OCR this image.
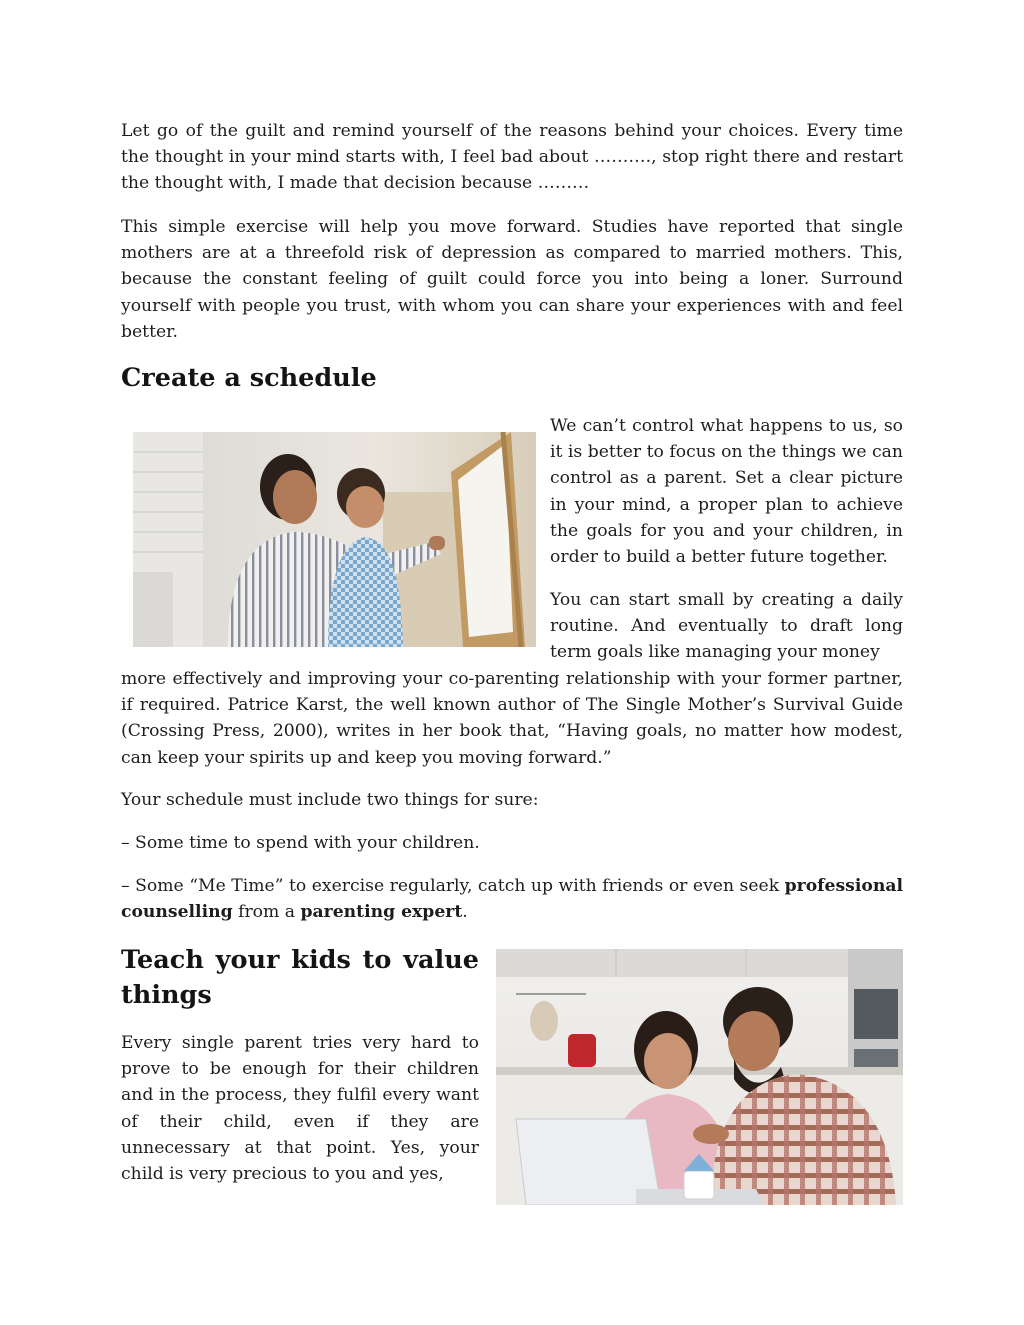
Let go of the guilt and remind yourself of the reasons behind your choices. Every time the thought in your mind starts with, I feel bad about ………., stop right there and restart the thought with, I made that decision because ………

This simple exercise will help you move forward. Studies have reported that single mothers are at a threefold risk of depression as compared to married mothers. This, because the constant feeling of guilt could force you into being a loner. Surround yourself with people you trust, with whom you can share your experiences with and feel better.

Create a schedule

We can’t control what happens to us, so it is better to focus on the things we can control as a parent. Set a clear picture in your mind, a proper plan to achieve the goals for you and your children, in order to build a better future together.

You can start small by creating a daily routine. And eventually to draft long term goals like managing your money

more effectively and improving your co-parenting relationship with your former partner, if required. Patrice Karst, the well known author of The Single Mother’s Survival Guide (Crossing Press, 2000), writes in her book that, “Having goals, no matter how modest, can keep your spirits up and keep you moving forward.”

Your schedule must include two things for sure:

– Some time to spend with your children.

– Some “Me Time” to exercise regularly, catch up with friends or even seek professional counselling from a parenting expert.

Teach your kids to value things

Every single parent tries very hard to prove to be enough for their children and in the process, they fulfil every want of their child, even if they are unnecessary at that point. Yes, your child is very precious to you and yes,
